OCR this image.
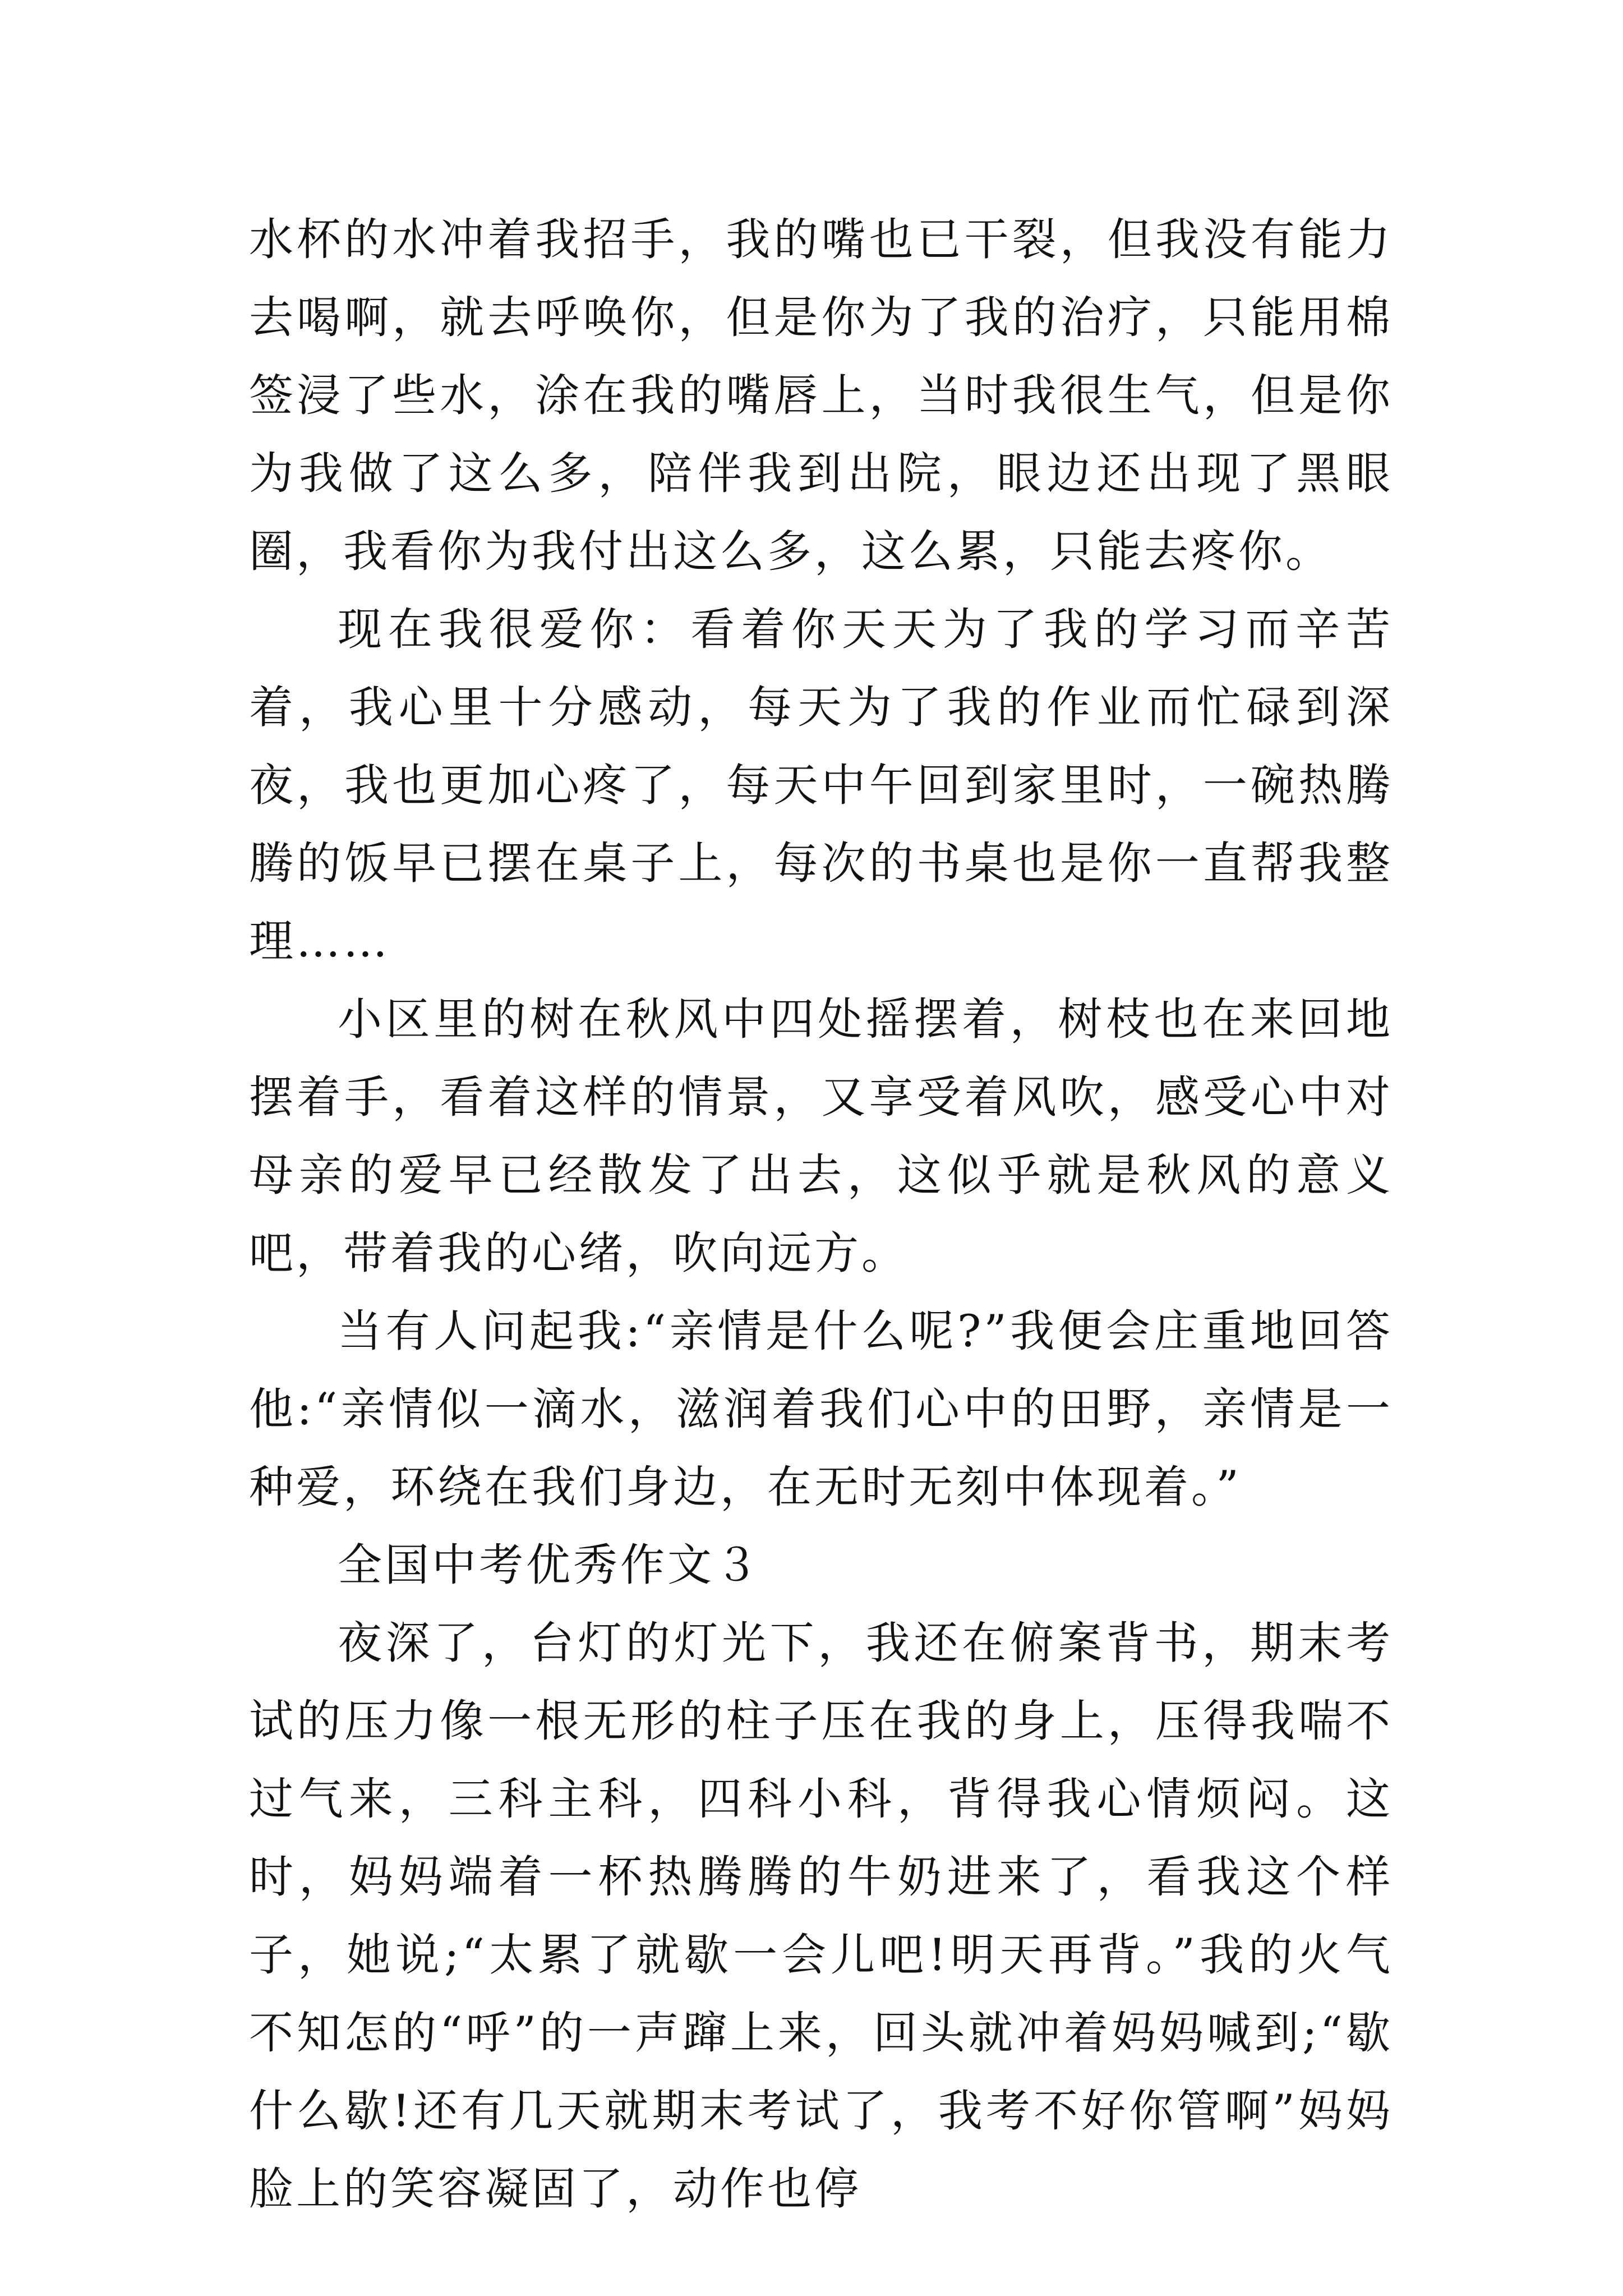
水杯的水冲着我招手，我的嘴也已干裂，但我没有能力去喝啊，就去呼唤你，但是你为了我的治疗，只能用棉签浸了些水，涂在我的嘴唇上，当时我很生气，但是你为我做了这么多，陪伴我到出院，眼边还出现了黑眼圈，我看你为我付出这么多，这么累，只能去疼你。

现在我很爱你：看着你天天为了我的学习而辛苦着，我心里十分感动，每天为了我的作业而忙碌到深夜，我也更加心疼了，每天中午回到家里时，一碗热腾腾的饭早已摆在桌子上，每次的书桌也是你一直帮我整理……

小区里的树在秋风中四处摇摆着，树枝也在来回地摆着手，看着这样的情景，又享受着风吹，感受心中对母亲的爱早已经散发了出去，这似乎就是秋风的意义吧，带着我的心绪，吹向远方。

当有人问起我:“亲情是什么呢?”我便会庄重地回答他:“亲情似一滴水，滋润着我们心中的田野，亲情是一种爱，环绕在我们身边，在无时无刻中体现着。”

全国中考优秀作文３

夜深了，台灯的灯光下，我还在俯案背书，期末考试的压力像一根无形的柱子压在我的身上，压得我喘不过气来，三科主科，四科小科，背得我心情烦闷。这时，妈妈端着一杯热腾腾的牛奶进来了，看我这个样子，她说;“太累了就歇一会儿吧!明天再背。”我的火气不知怎的“呼”的一声蹿上来，回头就冲着妈妈喊到;“歇什么歇!还有几天就期末考试了，我考不好你管啊”妈妈脸上的笑容凝固了，动作也停
